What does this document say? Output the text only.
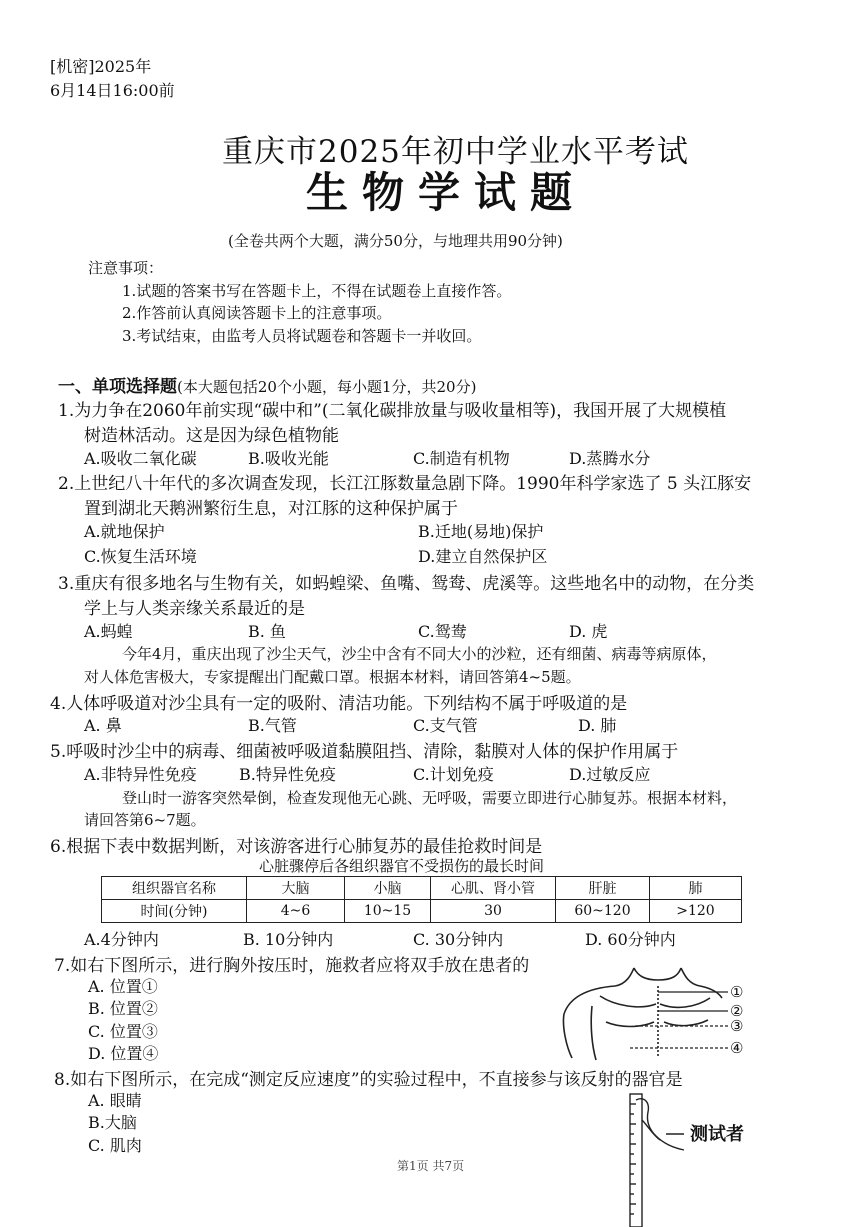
[机密]2025年
6月14日16:00前
重庆市2025年初中学业水平考试
生物学试题
(全卷共两个大题，满分50分，与地理共用90分钟)
注意事项：
1.试题的答案书写在答题卡上，不得在试题卷上直接作答。
2.作答前认真阅读答题卡上的注意事项。
3.考试结束，由监考人员将试题卷和答题卡一并收回。
一、单项选择题(本大题包括20个小题，每小题1分，共20分)
1.为力争在2060年前实现“碳中和”(二氧化碳排放量与吸收量相等)，我国开展了大规模植
树造林活动。这是因为绿色植物能
A.吸收二氧化碳	B.吸收光能	C.制造有机物	D.蒸腾水分
2.上世纪八十年代的多次调查发现，长江江豚数量急剧下降。1990年科学家选了 5 头江豚安
置到湖北天鹅洲繁衍生息，对江豚的这种保护属于
A.就地保护	B.迁地(易地)保护
C.恢复生活环境	D.建立自然保护区
3.重庆有很多地名与生物有关，如蚂蝗梁、鱼嘴、鸳鸯、虎溪等。这些地名中的动物，在分类
学上与人类亲缘关系最近的是
A.蚂蝗	B. 鱼	C.鸳鸯	D. 虎
今年4月，重庆出现了沙尘天气，沙尘中含有不同大小的沙粒，还有细菌、病毒等病原体，
对人体危害极大，专家提醒出门配戴口罩。根据本材料，请回答第4~5题。
4.人体呼吸道对沙尘具有一定的吸附、清洁功能。下列结构不属于呼吸道的是
A. 鼻	B.气管	C.支气管	D. 肺
5.呼吸时沙尘中的病毒、细菌被呼吸道黏膜阻挡、清除，黏膜对人体的保护作用属于
A.非特异性免疫	B.特异性免疫	C.计划免疫	D.过敏反应
登山时一游客突然晕倒，检查发现他无心跳、无呼吸，需要立即进行心肺复苏。根据本材料，
请回答第6~7题。
6.根据下表中数据判断，对该游客进行心肺复苏的最佳抢救时间是
心脏骤停后各组织器官不受损伤的最长时间
组织器官名称	大脑	小脑	心肌、肾小管	肝脏	肺
时间(分钟)	4~6	10~15	30	60~120	>120
A.4分钟内	B. 10分钟内	C. 30分钟内	D. 60分钟内
7.如右下图所示，进行胸外按压时，施救者应将双手放在患者的
A. 位置①
B. 位置②
C. 位置③
D. 位置④
①
②
③
④
8.如右下图所示，在完成“测定反应速度”的实验过程中，不直接参与该反射的器官是
A. 眼睛
B.大脑
C. 肌肉
测试者
第1页 共7页
